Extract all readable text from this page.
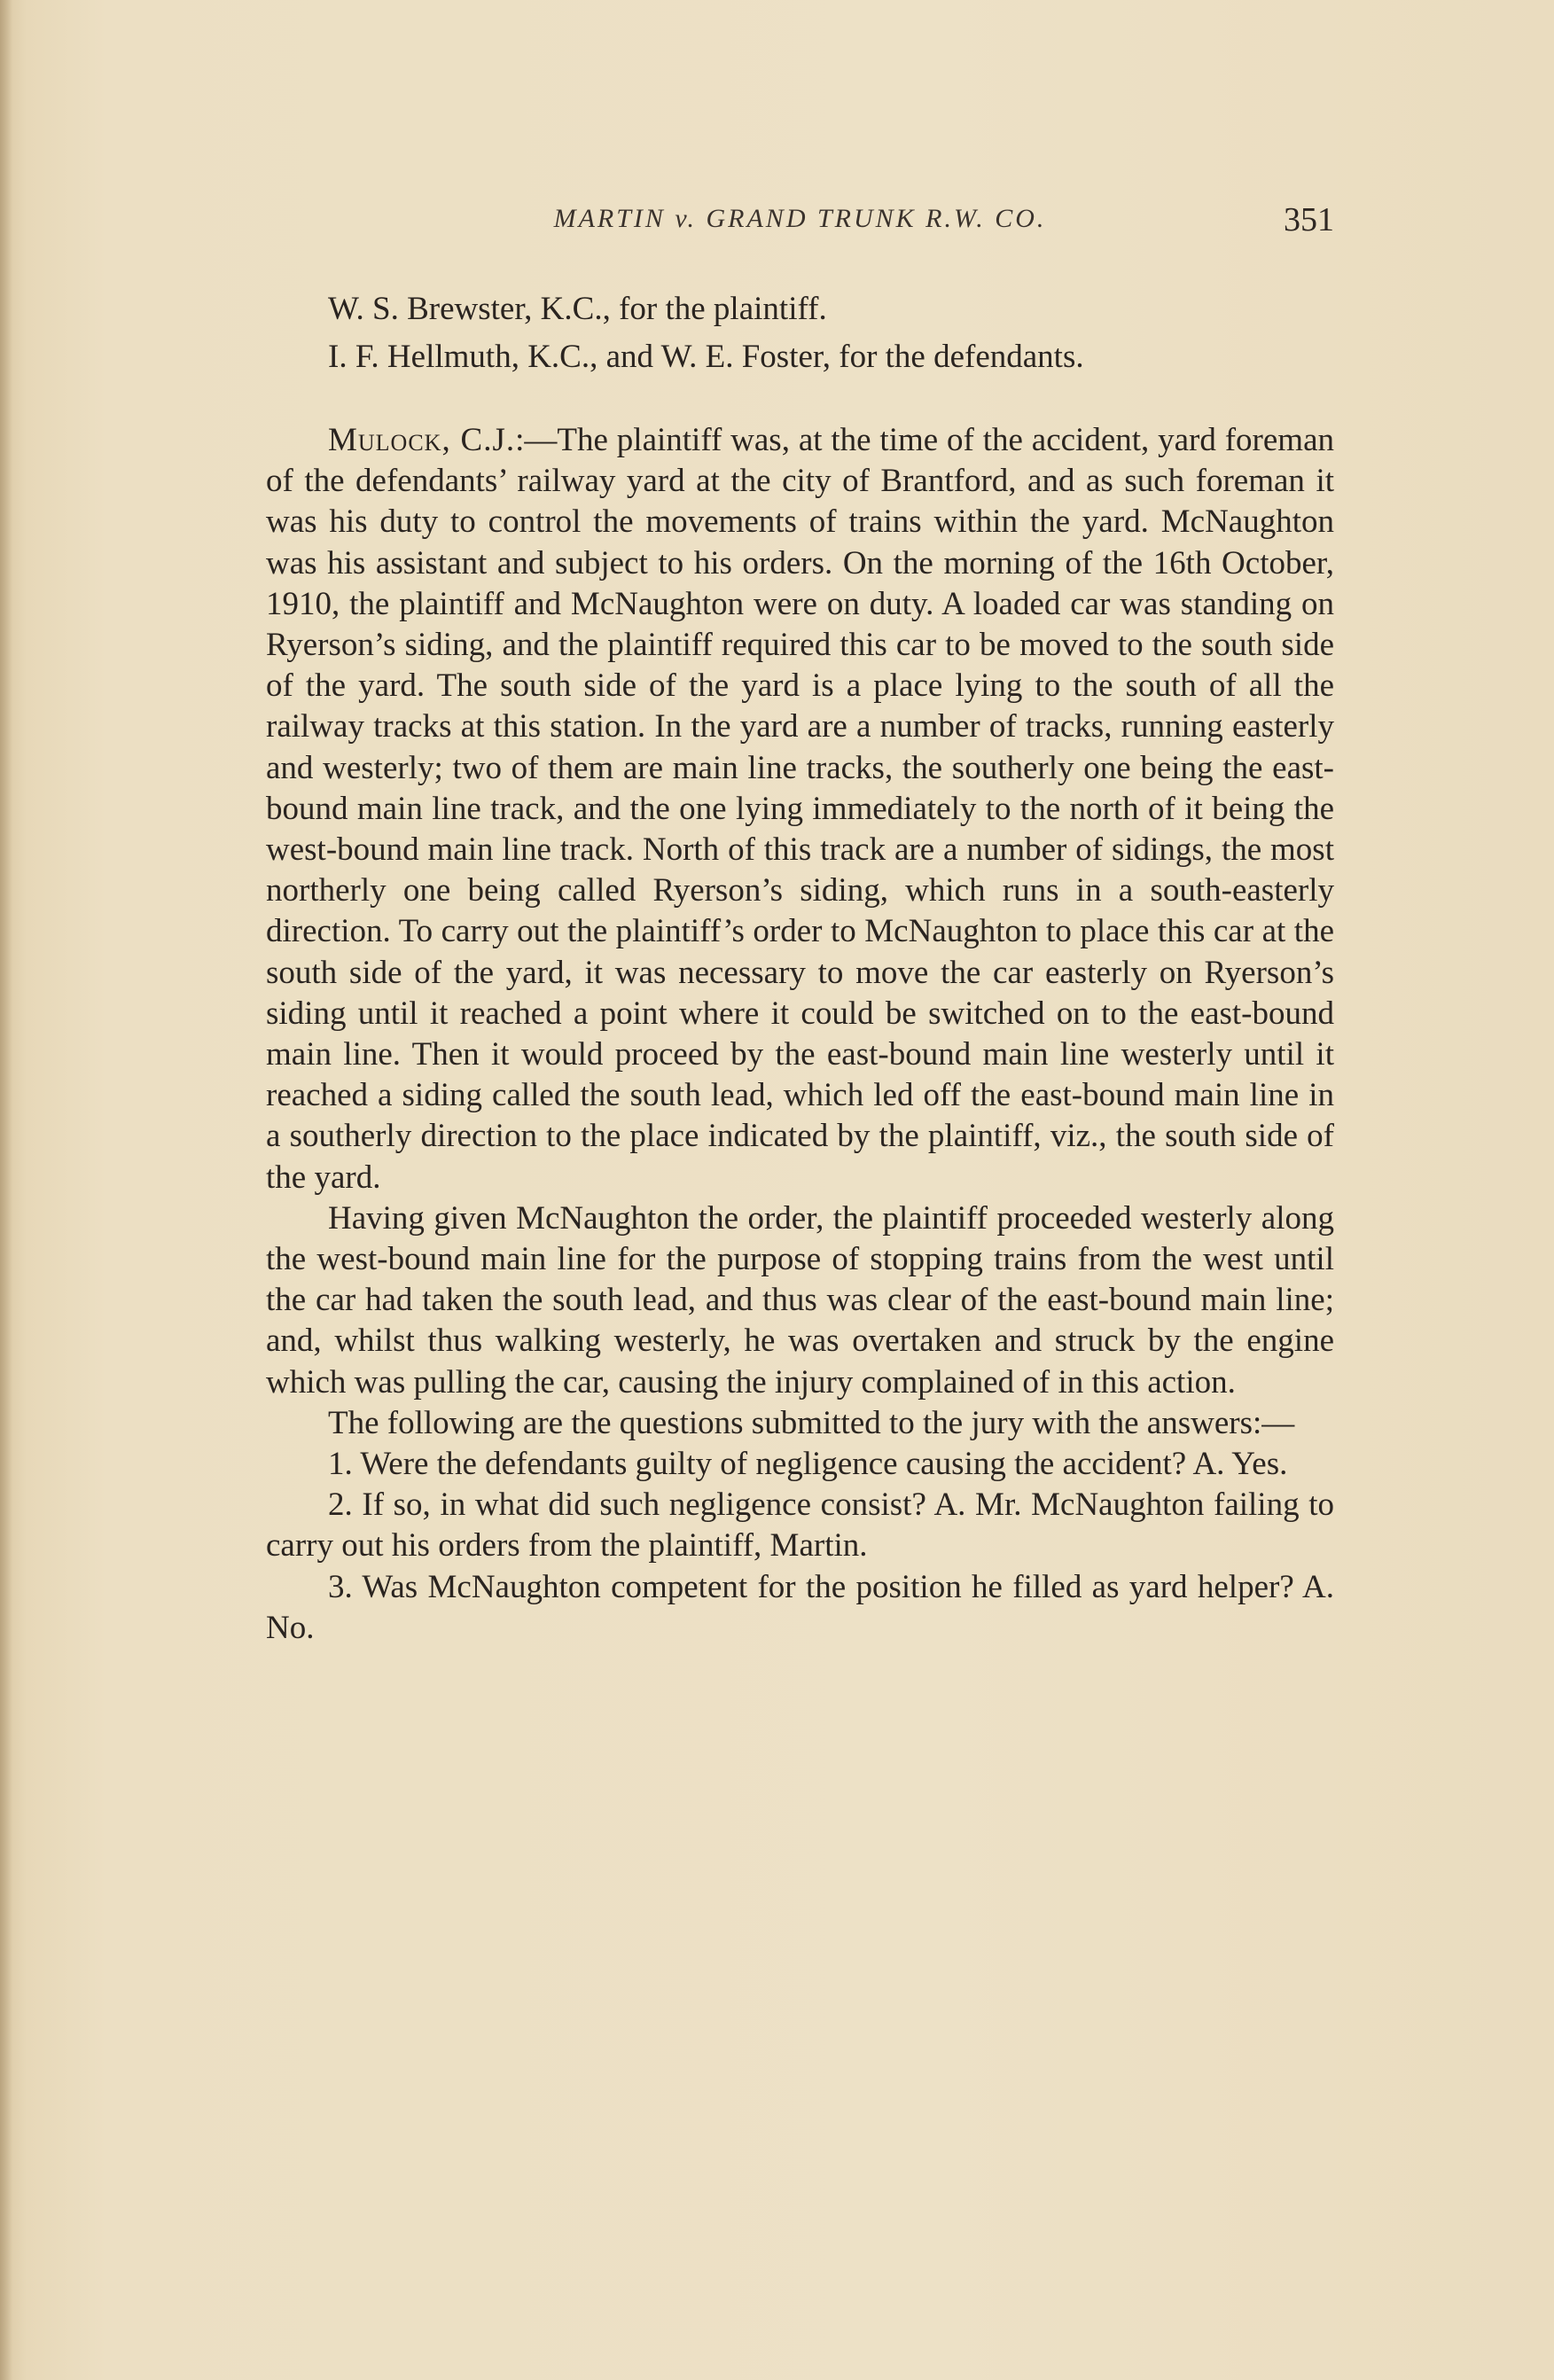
MARTIN v. GRAND TRUNK R.W. CO.	351

W. S. Brewster, K.C., for the plaintiff.

I. F. Hellmuth, K.C., and W. E. Foster, for the defendants.

Mulock, C.J.:—The plaintiff was, at the time of the accident, yard foreman of the defendants’ railway yard at the city of Brantford, and as such foreman it was his duty to control the movements of trains within the yard. McNaughton was his assistant and subject to his orders. On the morning of the 16th October, 1910, the plaintiff and McNaughton were on duty. A loaded car was standing on Ryerson’s siding, and the plaintiff required this car to be moved to the south side of the yard. The south side of the yard is a place lying to the south of all the railway tracks at this station. In the yard are a number of tracks, running easterly and westerly; two of them are main line tracks, the southerly one being the east-bound main line track, and the one lying immediately to the north of it being the west-bound main line track. North of this track are a number of sidings, the most northerly one being called Ryerson’s siding, which runs in a south-easterly direction. To carry out the plaintiff’s order to McNaughton to place this car at the south side of the yard, it was necessary to move the car easterly on Ryerson’s siding until it reached a point where it could be switched on to the east-bound main line. Then it would proceed by the east-bound main line westerly until it reached a siding called the south lead, which led off the east-bound main line in a southerly direction to the place indicated by the plaintiff, viz., the south side of the yard.

Having given McNaughton the order, the plaintiff proceeded westerly along the west-bound main line for the purpose of stopping trains from the west until the car had taken the south lead, and thus was clear of the east-bound main line; and, whilst thus walking westerly, he was overtaken and struck by the engine which was pulling the car, causing the injury complained of in this action.

The following are the questions submitted to the jury with the answers:—

1. Were the defendants guilty of negligence causing the accident? A. Yes.

2. If so, in what did such negligence consist? A. Mr. McNaughton failing to carry out his orders from the plaintiff, Martin.

3. Was McNaughton competent for the position he filled as yard helper? A. No.
